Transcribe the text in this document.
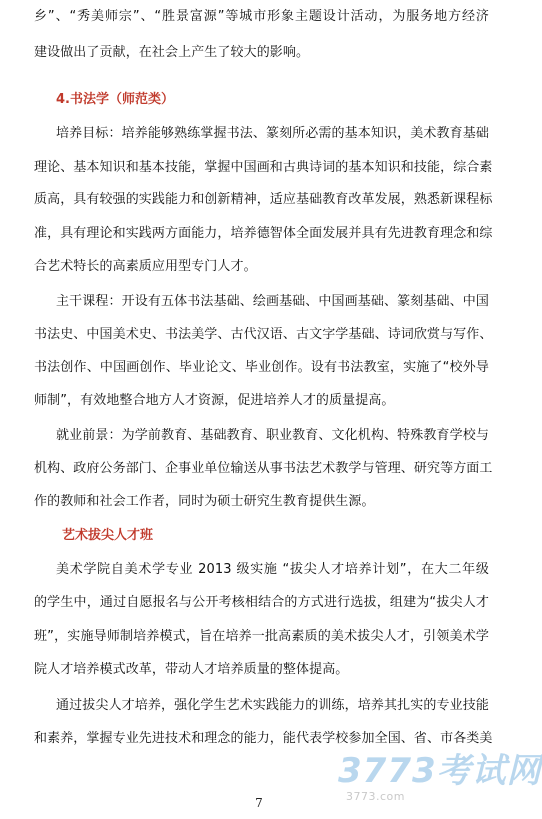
乡”、“秀美师宗”、“胜景富源”等城市形象主题设计活动，为服务地方经济
建设做出了贡献，在社会上产生了较大的影响。
4.书法学（师范类）
培养目标：培养能够熟练掌握书法、篆刻所必需的基本知识，美术教育基础
理论、基本知识和基本技能，掌握中国画和古典诗词的基本知识和技能，综合素
质高，具有较强的实践能力和创新精神，适应基础教育改革发展，熟悉新课程标
准，具有理论和实践两方面能力，培养德智体全面发展并具有先进教育理念和综
合艺术特长的高素质应用型专门人才。
主干课程：开设有五体书法基础、绘画基础、中国画基础、篆刻基础、中国
书法史、中国美术史、书法美学、古代汉语、古文字学基础、诗词欣赏与写作、
书法创作、中国画创作、毕业论文、毕业创作。设有书法教室，实施了“校外导
师制”，有效地整合地方人才资源，促进培养人才的质量提高。
就业前景：为学前教育、基础教育、职业教育、文化机构、特殊教育学校与
机构、政府公务部门、企事业单位输送从事书法艺术教学与管理、研究等方面工
作的教师和社会工作者，同时为硕士研究生教育提供生源。
艺术拔尖人才班
美术学院自美术学专业 2013 级实施 “拔尖人才培养计划”，在大二年级
的学生中，通过自愿报名与公开考核相结合的方式进行选拔，组建为“拔尖人才
班”，实施导师制培养模式，旨在培养一批高素质的美术拔尖人才，引领美术学
院人才培养模式改革，带动人才培养质量的整体提高。
通过拔尖人才培养，强化学生艺术实践能力的训练，培养其扎实的专业技能
和素养，掌握专业先进技术和理念的能力，能代表学校参加全国、省、市各类美
7
3773考试网
3773.com
